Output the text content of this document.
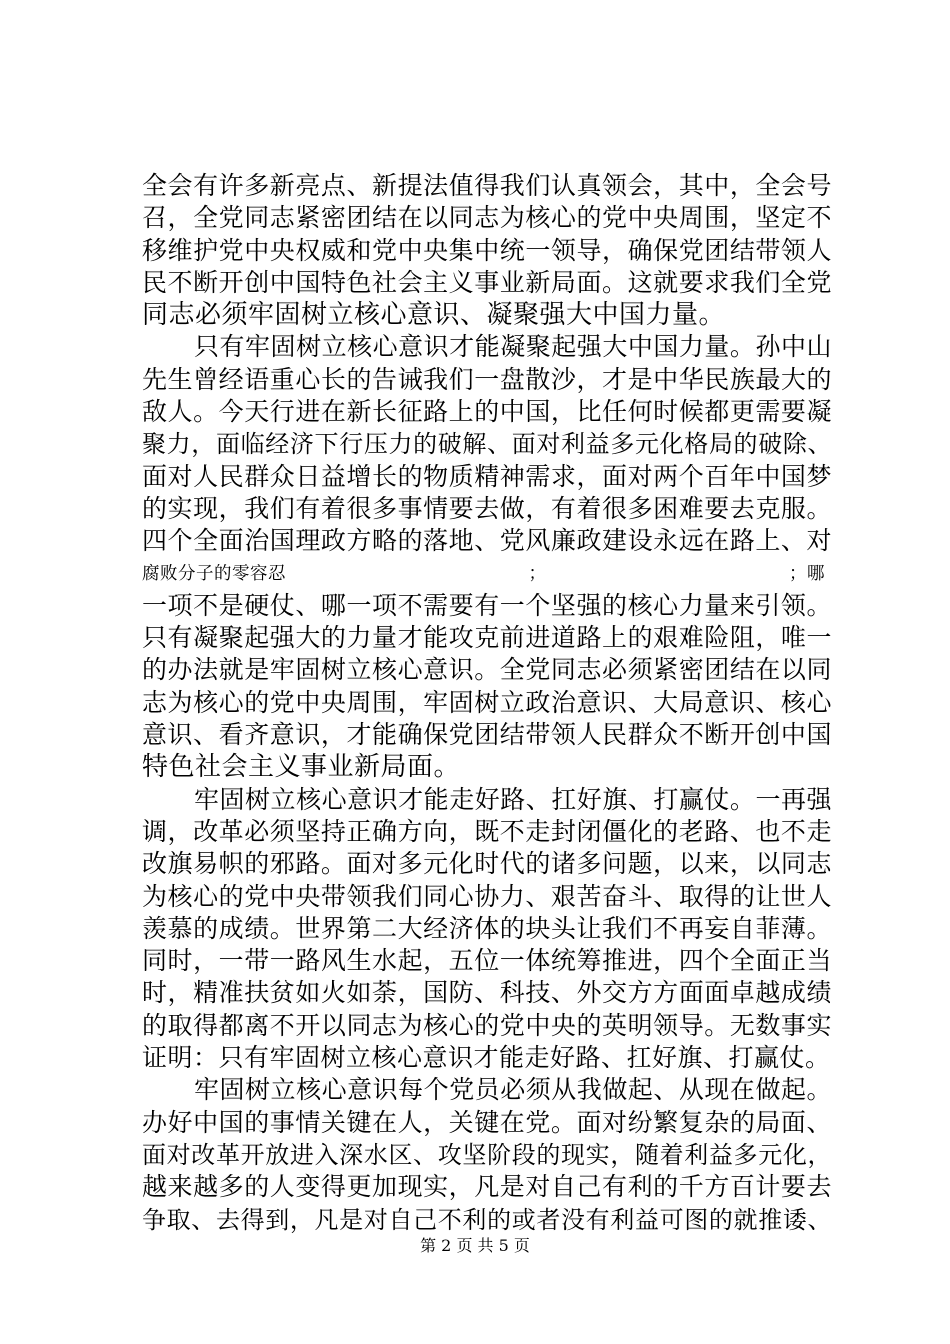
全会有许多新亮点、新提法值得我们认真领会，其中，全会号
召，全党同志紧密团结在以同志为核心的党中央周围，坚定不
移维护党中央权威和党中央集中统一领导，确保党团结带领人
民不断开创中国特色社会主义事业新局面。这就要求我们全党
同志必须牢固树立核心意识、凝聚强大中国力量。
只有牢固树立核心意识才能凝聚起强大中国力量。孙中山
先生曾经语重心长的告诫我们一盘散沙，才是中华民族最大的
敌人。今天行进在新长征路上的中国，比任何时候都更需要凝
聚力，面临经济下行压力的破解、面对利益多元化格局的破除、
面对人民群众日益增长的物质精神需求，面对两个百年中国梦
的实现，我们有着很多事情要去做，有着很多困难要去克服。
四个全面治国理政方略的落地、党风廉政建设永远在路上、对
腐败分子的零容忍                                        ；                                        ；哪
一项不是硬仗、哪一项不需要有一个坚强的核心力量来引领。
只有凝聚起强大的力量才能攻克前进道路上的艰难险阻，唯一
的办法就是牢固树立核心意识。全党同志必须紧密团结在以同
志为核心的党中央周围，牢固树立政治意识、大局意识、核心
意识、看齐意识，才能确保党团结带领人民群众不断开创中国
特色社会主义事业新局面。
牢固树立核心意识才能走好路、扛好旗、打赢仗。一再强
调，改革必须坚持正确方向，既不走封闭僵化的老路、也不走
改旗易帜的邪路。面对多元化时代的诸多问题，以来，以同志
为核心的党中央带领我们同心协力、艰苦奋斗、取得的让世人
羡慕的成绩。世界第二大经济体的块头让我们不再妄自菲薄。
同时，一带一路风生水起，五位一体统筹推进，四个全面正当
时，精准扶贫如火如荼，国防、科技、外交方方面面卓越成绩
的取得都离不开以同志为核心的党中央的英明领导。无数事实
证明：只有牢固树立核心意识才能走好路、扛好旗、打赢仗。
牢固树立核心意识每个党员必须从我做起、从现在做起。
办好中国的事情关键在人，关键在党。面对纷繁复杂的局面、
面对改革开放进入深水区、攻坚阶段的现实，随着利益多元化，
越来越多的人变得更加现实，凡是对自己有利的千方百计要去
争取、去得到，凡是对自己不利的或者没有利益可图的就推诿、
第 2 页 共 5 页
